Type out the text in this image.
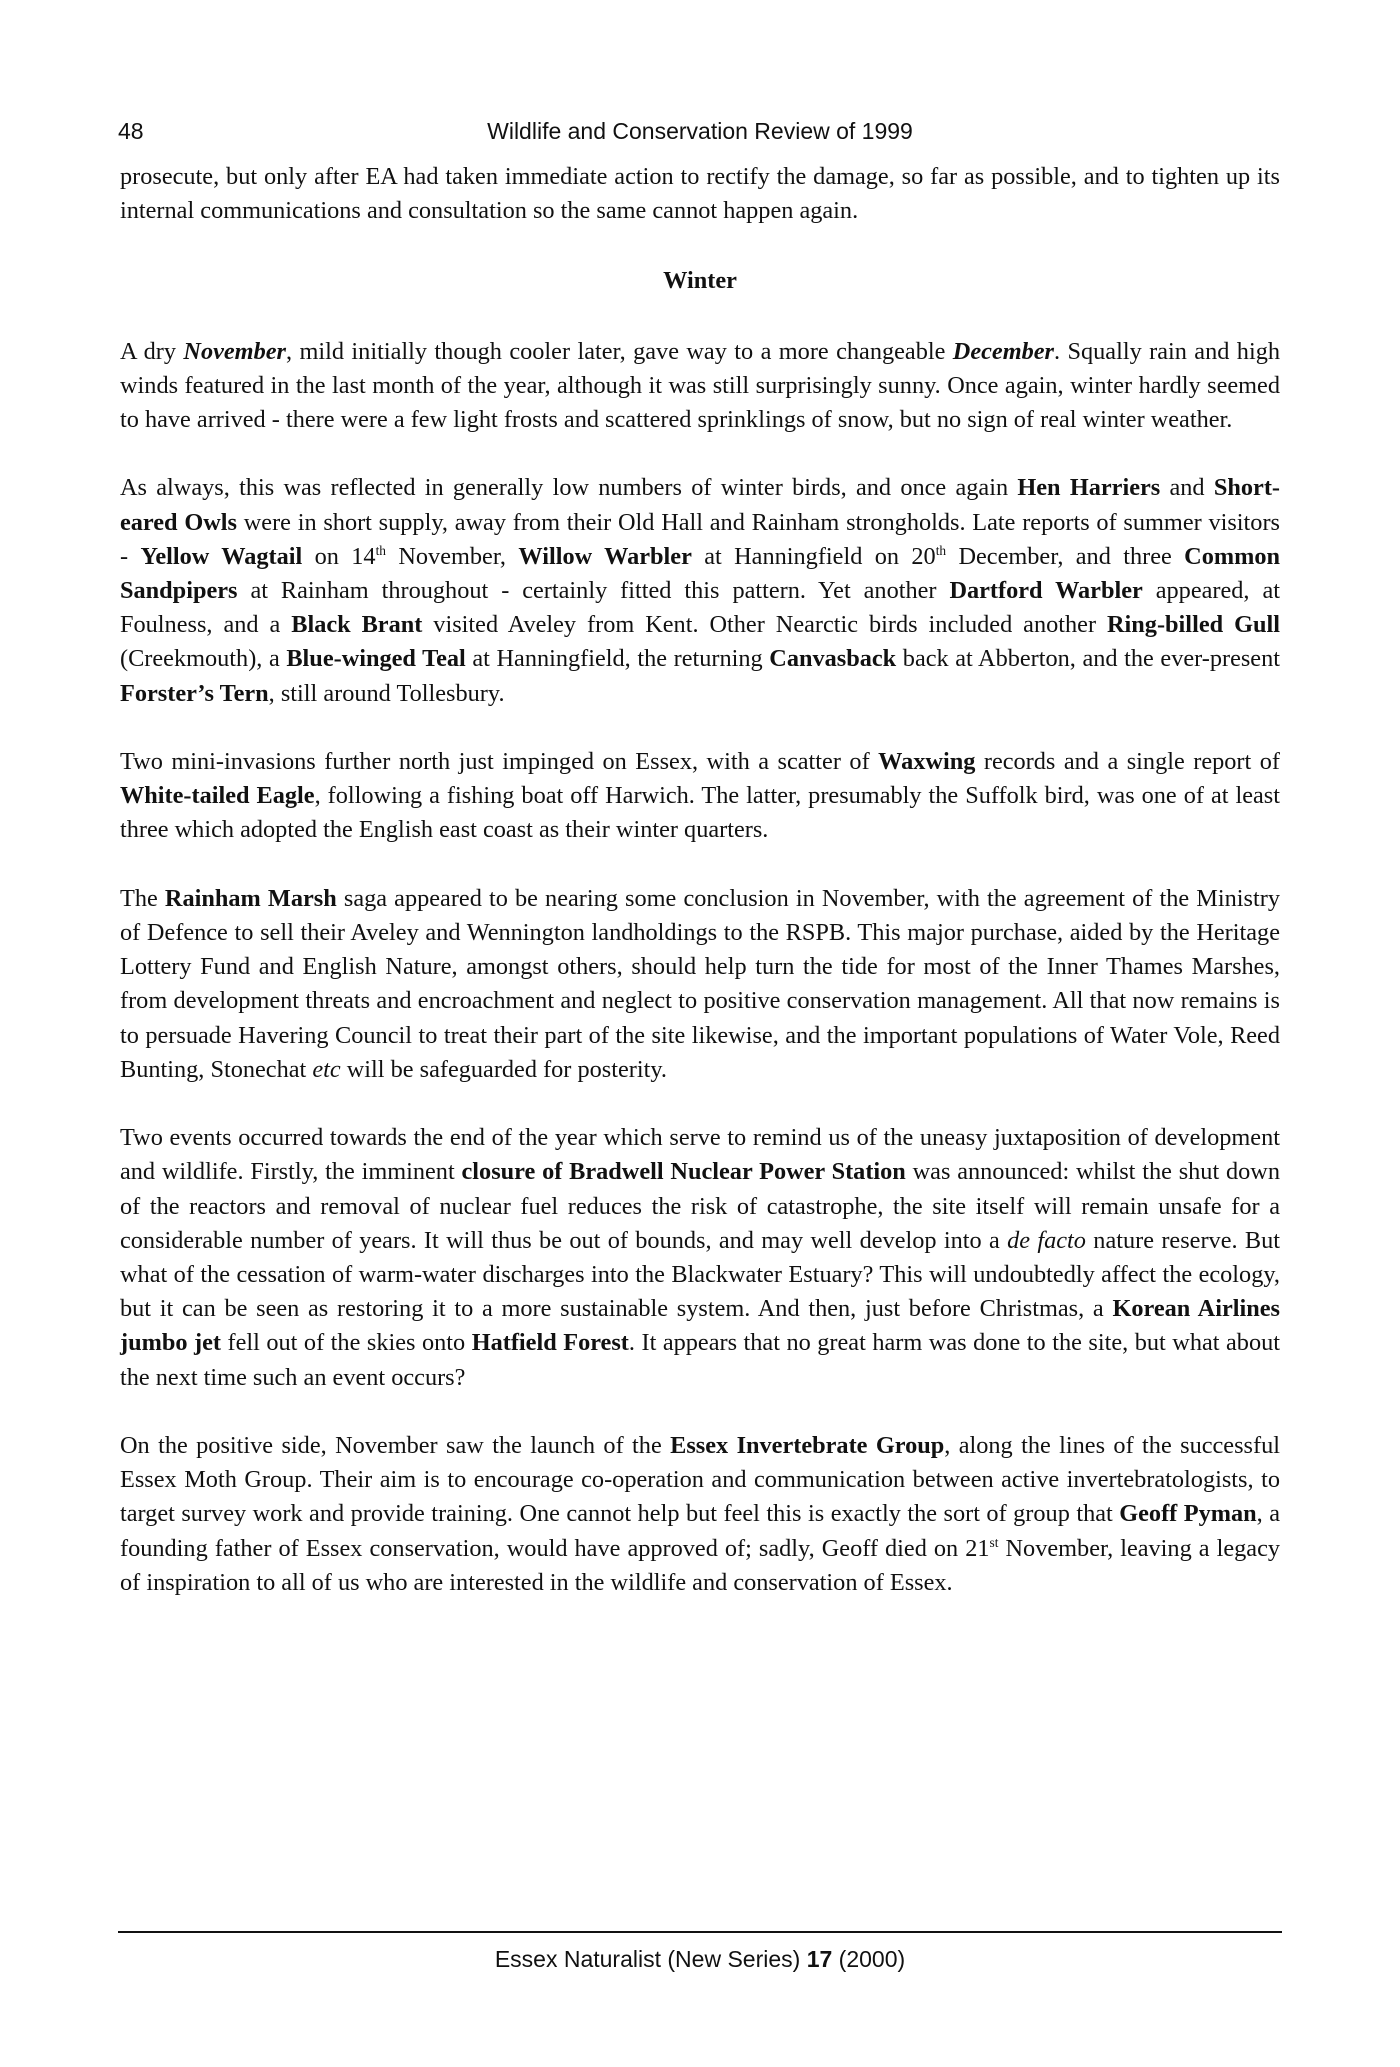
48	Wildlife and Conservation Review of 1999

prosecute, but only after EA had taken immediate action to rectify the damage, so far as possible, and to tighten up its internal communications and consultation so the same cannot happen again.

Winter

A dry November, mild initially though cooler later, gave way to a more changeable December. Squally rain and high winds featured in the last month of the year, although it was still surprisingly sunny. Once again, winter hardly seemed to have arrived - there were a few light frosts and scattered sprinklings of snow, but no sign of real winter weather.

As always, this was reflected in generally low numbers of winter birds, and once again Hen Harriers and Short-eared Owls were in short supply, away from their Old Hall and Rainham strongholds. Late reports of summer visitors - Yellow Wagtail on 14th November, Willow Warbler at Hanningfield on 20th December, and three Common Sandpipers at Rainham throughout - certainly fitted this pattern. Yet another Dartford Warbler appeared, at Foulness, and a Black Brant visited Aveley from Kent. Other Nearctic birds included another Ring-billed Gull (Creekmouth), a Blue-winged Teal at Hanningfield, the returning Canvasback back at Abberton, and the ever-present Forster’s Tern, still around Tollesbury.

Two mini-invasions further north just impinged on Essex, with a scatter of Waxwing records and a single report of White-tailed Eagle, following a fishing boat off Harwich. The latter, presumably the Suffolk bird, was one of at least three which adopted the English east coast as their winter quarters.

The Rainham Marsh saga appeared to be nearing some conclusion in November, with the agreement of the Ministry of Defence to sell their Aveley and Wennington landholdings to the RSPB. This major purchase, aided by the Heritage Lottery Fund and English Nature, amongst others, should help turn the tide for most of the Inner Thames Marshes, from development threats and encroachment and neglect to positive conservation management. All that now remains is to persuade Havering Council to treat their part of the site likewise, and the important populations of Water Vole, Reed Bunting, Stonechat etc will be safeguarded for posterity.

Two events occurred towards the end of the year which serve to remind us of the uneasy juxtaposition of development and wildlife. Firstly, the imminent closure of Bradwell Nuclear Power Station was announced: whilst the shut down of the reactors and removal of nuclear fuel reduces the risk of catastrophe, the site itself will remain unsafe for a considerable number of years. It will thus be out of bounds, and may well develop into a de facto nature reserve. But what of the cessation of warm-water discharges into the Blackwater Estuary? This will undoubtedly affect the ecology, but it can be seen as restoring it to a more sustainable system. And then, just before Christmas, a Korean Airlines jumbo jet fell out of the skies onto Hatfield Forest. It appears that no great harm was done to the site, but what about the next time such an event occurs?

On the positive side, November saw the launch of the Essex Invertebrate Group, along the lines of the successful Essex Moth Group. Their aim is to encourage co-operation and communication between active invertebratologists, to target survey work and provide training. One cannot help but feel this is exactly the sort of group that Geoff Pyman, a founding father of Essex conservation, would have approved of; sadly, Geoff died on 21st November, leaving a legacy of inspiration to all of us who are interested in the wildlife and conservation of Essex.

Essex Naturalist (New Series) 17 (2000)
